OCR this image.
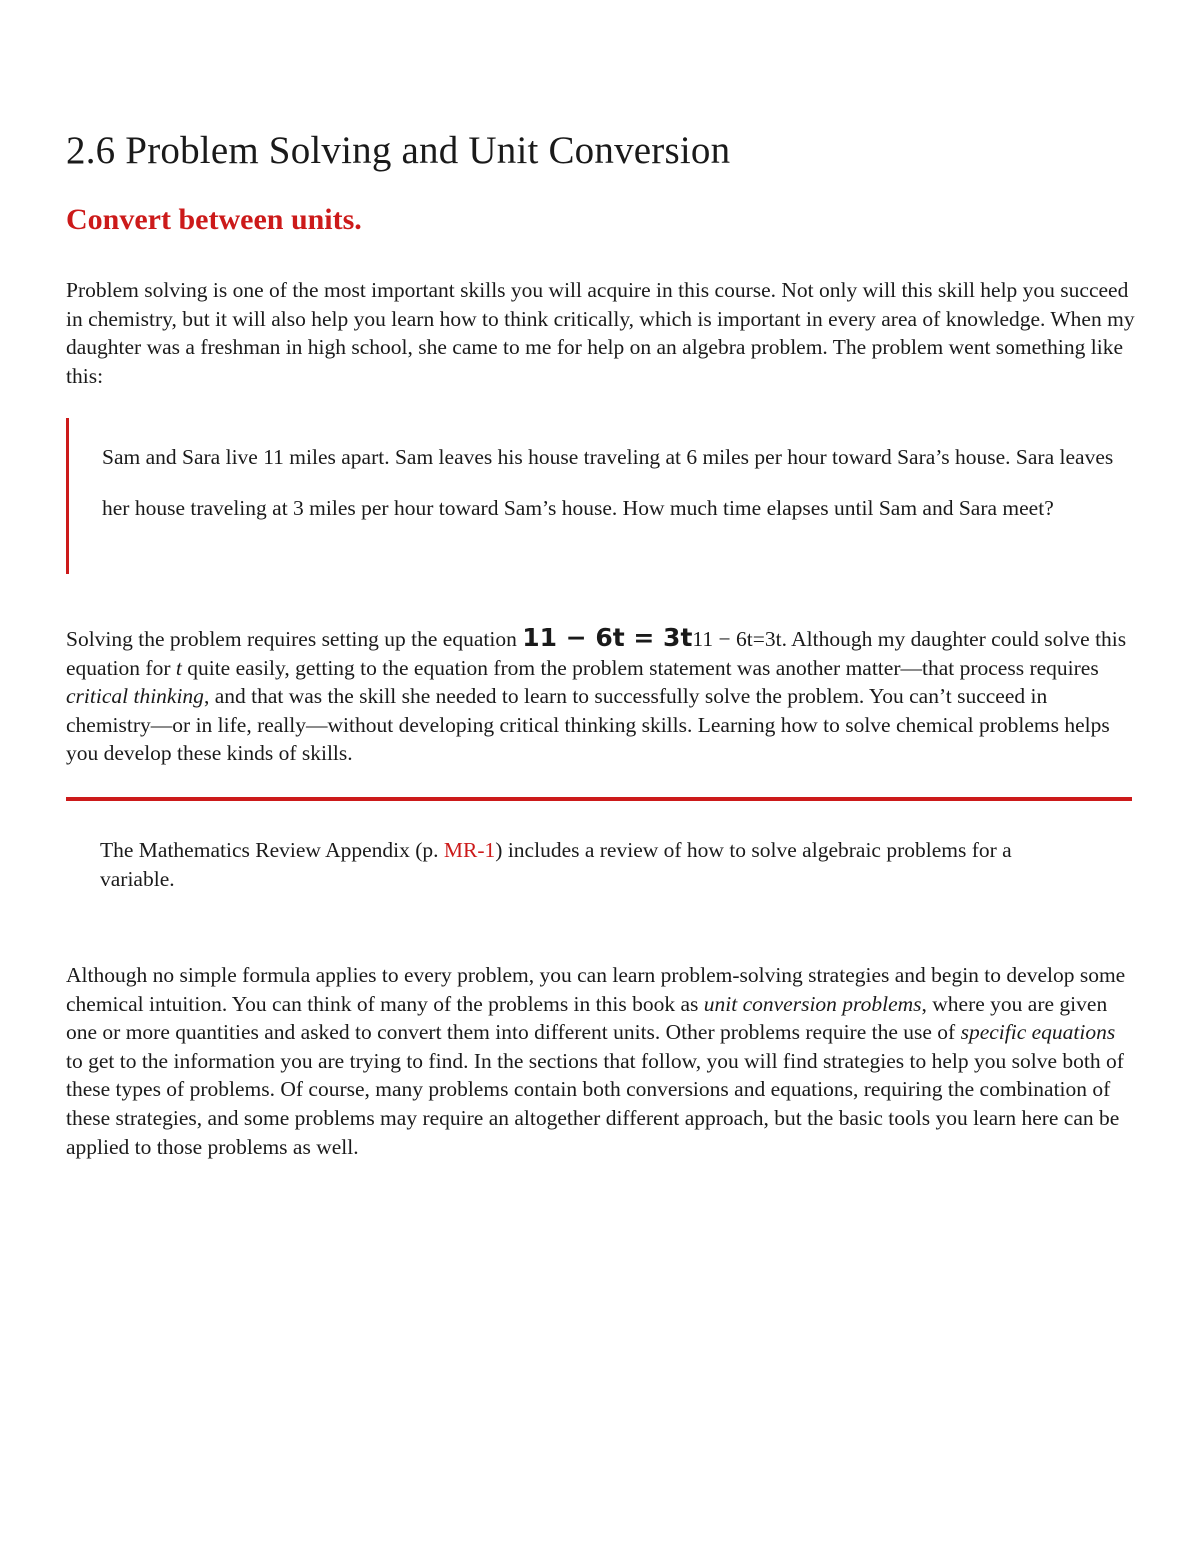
2.6 Problem Solving and Unit Conversion
Convert between units.

Problem solving is one of the most important skills you will acquire in this course. Not only will this skill help you succeed in chemistry, but it will also help you learn how to think critically, which is important in every area of knowledge. When my daughter was a freshman in high school, she came to me for help on an algebra problem. The problem went something like this:

Sam and Sara live 11 miles apart. Sam leaves his house traveling at 6 miles per hour toward Sara’s house. Sara leaves her house traveling at 3 miles per hour toward Sam’s house. How much time elapses until Sam and Sara meet?

Solving the problem requires setting up the equation 11 − 6t = 3t11 − 6t=3t. Although my daughter could solve this equation for t quite easily, getting to the equation from the problem statement was another matter—that process requires critical thinking, and that was the skill she needed to learn to successfully solve the problem. You can’t succeed in chemistry—or in life, really—without developing critical thinking skills. Learning how to solve chemical problems helps you develop these kinds of skills.

The Mathematics Review Appendix (p. MR-1) includes a review of how to solve algebraic problems for a variable.

Although no simple formula applies to every problem, you can learn problem-solving strategies and begin to develop some chemical intuition. You can think of many of the problems in this book as unit conversion problems, where you are given one or more quantities and asked to convert them into different units. Other problems require the use of specific equations to get to the information you are trying to find. In the sections that follow, you will find strategies to help you solve both of these types of problems. Of course, many problems contain both conversions and equations, requiring the combination of these strategies, and some problems may require an altogether different approach, but the basic tools you learn here can be applied to those problems as well.
